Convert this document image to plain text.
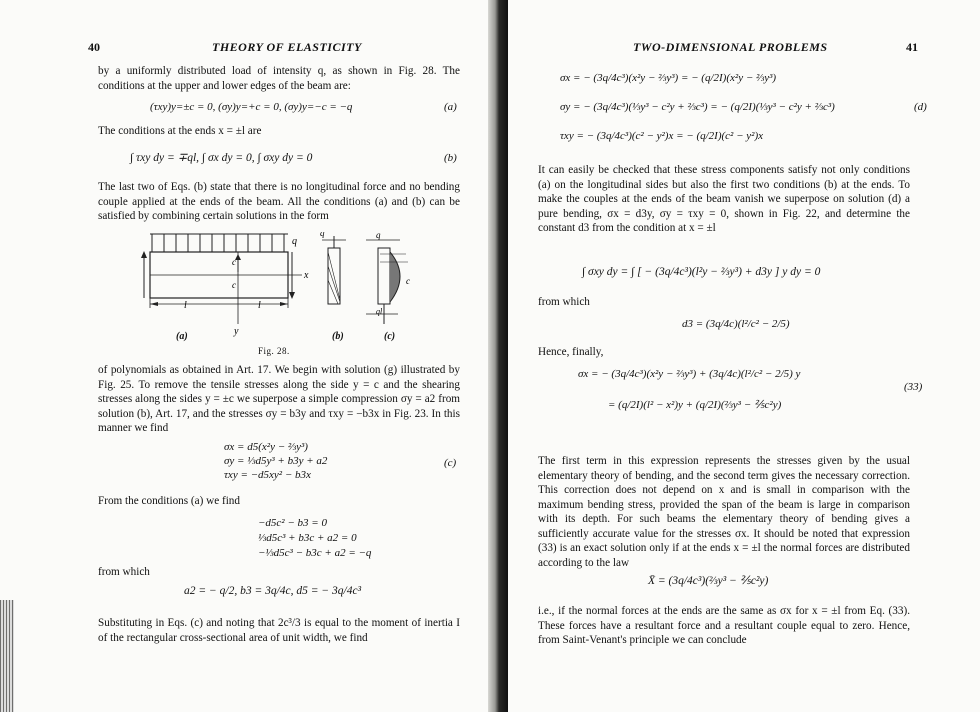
40	THEORY OF ELASTICITY
by a uniformly distributed load of intensity q, as shown in Fig. 28. The conditions at the upper and lower edges of the beam are:
(τxy)y=±c = 0, (σy)y=+c = 0, (σy)y=−c = −q	(a)
The conditions at the ends x = ±l are
∫ τxy dy = ∓ql, ∫ σx dy = 0, ∫ σxy dy = 0	(b)
The last two of Eqs. (b) state that there is no longitudinal force and no bending couple applied at the ends of the beam. All the conditions (a) and (b) can be satisfied by combining certain solutions in the form
q
q	q
c
c	c
x
y
l	l
ql
(a)	(b)	(c)
Fig. 28.
of polynomials as obtained in Art. 17. We begin with solution (g) illustrated by Fig. 25. To remove the tensile stresses along the side y = c and the shearing stresses along the sides y = ±c we superpose a simple compression σy = a2 from solution (b), Art. 17, and the stresses σy = b3y and τxy = −b3x in Fig. 23. In this manner we find
σx = d5(x²y − ⅔y³)
σy = ⅓d5y³ + b3y + a2
τxy = −d5xy² − b3x
(c)
From the conditions (a) we find
−d5c² − b3 = 0
⅓d5c³ + b3c + a2 = 0
−⅓d5c³ − b3c + a2 = −q
from which
a2 = − q/2, b3 = 3q/4c, d5 = − 3q/4c³
Substituting in Eqs. (c) and noting that 2c³/3 is equal to the moment of inertia I of the rectangular cross-sectional area of unit width, we find
TWO-DIMENSIONAL PROBLEMS	41
σx = − (3q/4c³)(x²y − ⅔y³) = − (q/2I)(x²y − ⅔y³)
σy = − (3q/4c³)(⅓y³ − c²y + ⅔c³) = − (q/2I)(⅓y³ − c²y + ⅔c³)	(d)
τxy = − (3q/4c³)(c² − y²)x = − (q/2I)(c² − y²)x
It can easily be checked that these stress components satisfy not only conditions (a) on the longitudinal sides but also the first two conditions (b) at the ends. To make the couples at the ends of the beam vanish we superpose on solution (d) a pure bending, σx = d3y, σy = τxy = 0, shown in Fig. 22, and determine the constant d3 from the condition at x = ±l
∫ σxy dy = ∫ [ − (3q/4c³)(l²y − ⅔y³) + d3y ] y dy = 0
from which
d3 = (3q/4c)(l²/c² − 2/5)
Hence, finally,
σx = − (3q/4c³)(x²y − ⅔y³) + (3q/4c)(l²/c² − 2/5) y
(33)
= (q/2I)(l² − x²)y + (q/2I)(⅔y³ − ⅖c²y)
The first term in this expression represents the stresses given by the usual elementary theory of bending, and the second term gives the necessary correction. This correction does not depend on x and is small in comparison with the maximum bending stress, provided the span of the beam is large in comparison with its depth. For such beams the elementary theory of bending gives a sufficiently accurate value for the stresses σx. It should be noted that expression (33) is an exact solution only if at the ends x = ±l the normal forces are distributed according to the law
X̄ = (3q/4c³)(⅔y³ − ⅖c²y)
i.e., if the normal forces at the ends are the same as σx for x = ±l from Eq. (33). These forces have a resultant force and a resultant couple equal to zero. Hence, from Saint-Venant's principle we can conclude
